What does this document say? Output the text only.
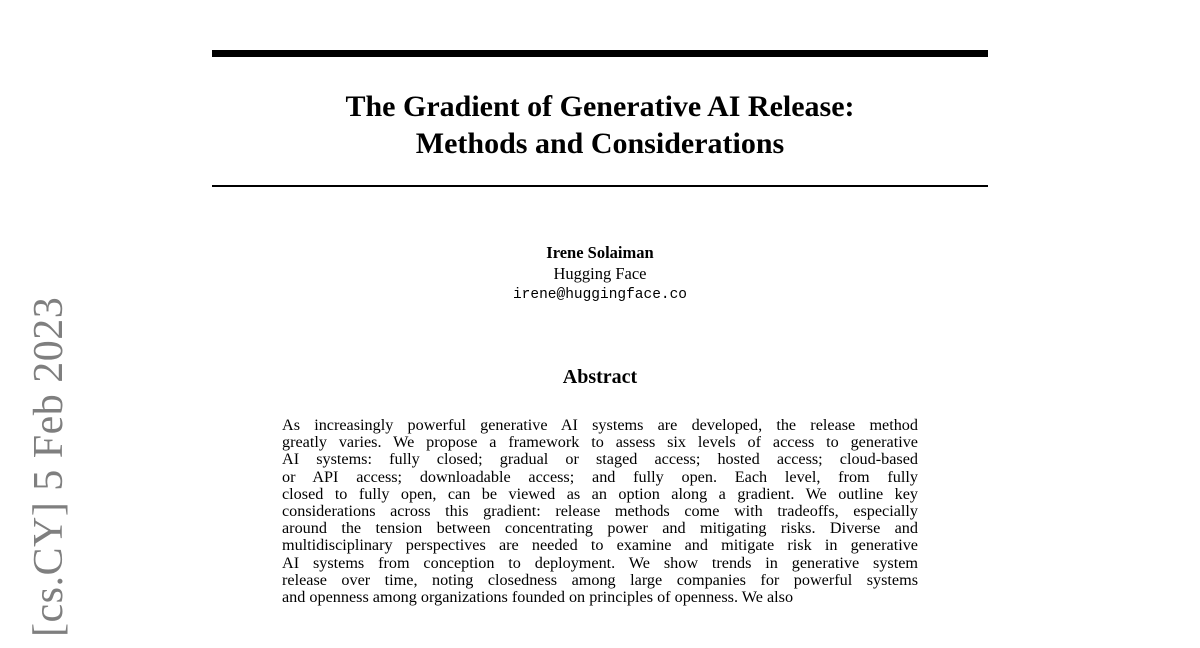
The Gradient of Generative AI Release:
Methods and Considerations
Irene Solaiman
Hugging Face
irene@huggingface.co
Abstract
As increasingly powerful generative AI systems are developed, the release method
greatly varies. We propose a framework to assess six levels of access to generative
AI systems: fully closed; gradual or staged access; hosted access; cloud-based
or API access; downloadable access; and fully open. Each level, from fully
closed to fully open, can be viewed as an option along a gradient. We outline key
considerations across this gradient: release methods come with tradeoffs, especially
around the tension between concentrating power and mitigating risks. Diverse and
multidisciplinary perspectives are needed to examine and mitigate risk in generative
AI systems from conception to deployment. We show trends in generative system
release over time, noting closedness among large companies for powerful systems
and openness among organizations founded on principles of openness. We also
[cs.CY] 5 Feb 2023
